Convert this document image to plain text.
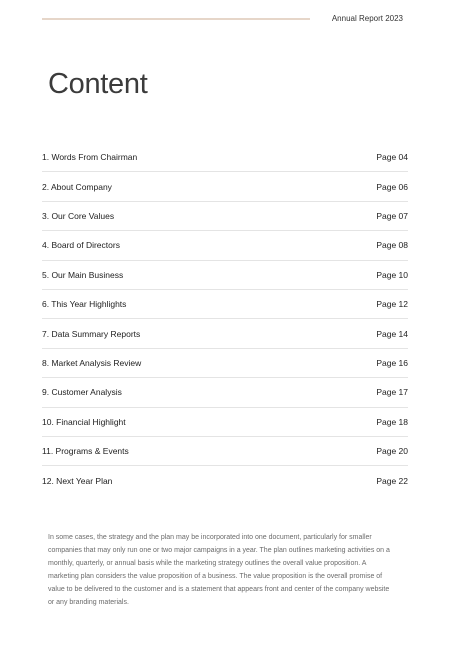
Annual Report 2023
Content
1. Words From Chairman	Page 04
2. About Company	Page 06
3. Our Core Values	Page 07
4. Board of Directors	Page 08
5. Our Main Business	Page 10
6. This Year Highlights	Page 12
7. Data Summary Reports	Page 14
8. Market Analysis Review	Page 16
9. Customer Analysis	Page 17
10. Financial Highlight	Page 18
11. Programs & Events	Page 20
12. Next Year Plan	Page 22

In some cases, the strategy and the plan may be incorporated into one document, particularly for smaller companies that may only run one or two major campaigns in a year. The plan outlines marketing activities on a monthly, quarterly, or annual basis while the marketing strategy outlines the overall value proposition. A marketing plan considers the value proposition of a business. The value proposition is the overall promise of value to be delivered to the customer and is a statement that appears front and center of the company website or any branding materials.
